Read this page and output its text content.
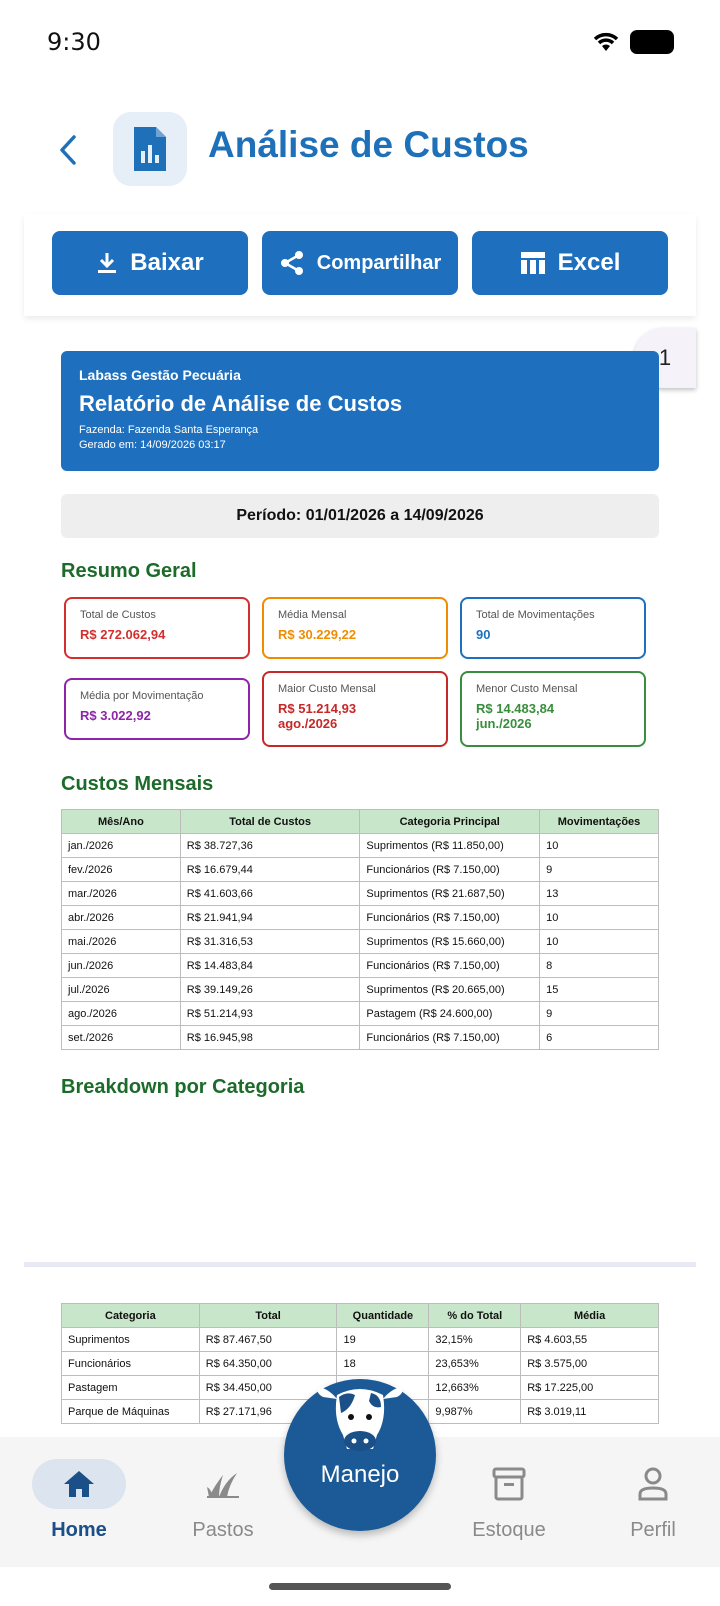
9:30
Análise de Custos
Baixar	Compartilhar	Excel
1
Labass Gestão Pecuária
Relatório de Análise de Custos
Fazenda: Fazenda Santa Esperança
Gerado em: 14/09/2026 03:17
Período: 01/01/2026 a 14/09/2026
Resumo Geral
Total de Custos
R$ 272.062,94
Média Mensal
R$ 30.229,22
Total de Movimentações
90
Média por Movimentação
R$ 3.022,92
Maior Custo Mensal
R$ 51.214,93
ago./2026
Menor Custo Mensal
R$ 14.483,84
jun./2026
Custos Mensais
Mês/Ano	Total de Custos	Categoria Principal	Movimentações
jan./2026	R$ 38.727,36	Suprimentos (R$ 11.850,00)	10
fev./2026	R$ 16.679,44	Funcionários (R$ 7.150,00)	9
mar./2026	R$ 41.603,66	Suprimentos (R$ 21.687,50)	13
abr./2026	R$ 21.941,94	Funcionários (R$ 7.150,00)	10
mai./2026	R$ 31.316,53	Suprimentos (R$ 15.660,00)	10
jun./2026	R$ 14.483,84	Funcionários (R$ 7.150,00)	8
jul./2026	R$ 39.149,26	Suprimentos (R$ 20.665,00)	15
ago./2026	R$ 51.214,93	Pastagem (R$ 24.600,00)	9
set./2026	R$ 16.945,98	Funcionários (R$ 7.150,00)	6
Breakdown por Categoria
Categoria	Total	Quantidade	% do Total	Média
Suprimentos	R$ 87.467,50	19	32,15%	R$ 4.603,55
Funcionários	R$ 64.350,00	18	23,653%	R$ 3.575,00
Pastagem	R$ 34.450,00		12,663%	R$ 17.225,00
Parque de Máquinas	R$ 27.171,96		9,987%	R$ 3.019,11
Home	Pastos	Estoque	Perfil
Manejo
